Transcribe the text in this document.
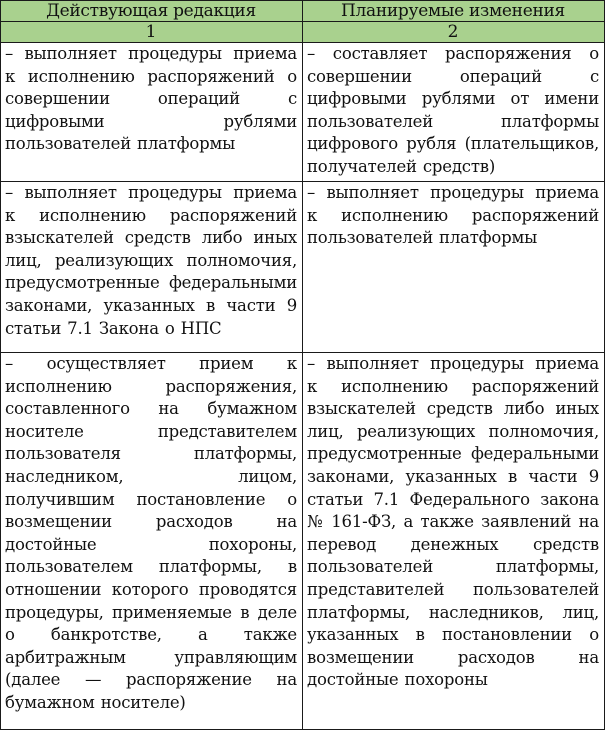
Действующая редакция	Планируемые изменения
1	2
– выполняет процедуры приема к исполнению распоряжений о совершении операций с цифровыми рублями пользователей платформы	– составляет распоряжения о совершении операций с цифровыми рублями от имени пользователей платформы цифрового рубля (плательщиков, получателей средств)
– выполняет процедуры приема к исполнению распоряжений взыскателей средств либо иных лиц, реализующих полномочия, предусмотренные федеральными законами, указанных в части 9 статьи 7.1 Закона о НПС	– выполняет процедуры приема к исполнению распоряжений пользователей платформы
– осуществляет прием к исполнению распоряжения, составленного на бумажном носителе представителем пользователя платформы, наследником, лицом, получившим постановление о возмещении расходов на достойные похороны, пользователем платформы, в отношении которого проводятся процедуры, применяемые в деле о банкротстве, а также арбитражным управляющим (далее — распоряжение на бумажном носителе)	– выполняет процедуры приема к исполнению распоряжений взыскателей средств либо иных лиц, реализующих полномочия, предусмотренные федеральными законами, указанных в части 9 статьи 7.1 Федерального закона № 161-ФЗ, а также заявлений на перевод денежных средств пользователей платформы, представителей пользователей платформы, наследников, лиц, указанных в постановлении о возмещении расходов на достойные похороны
